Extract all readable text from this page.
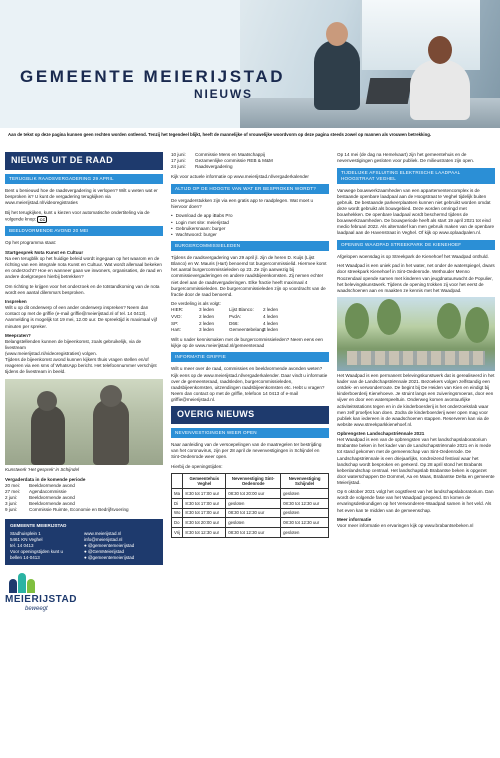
GEMEENTE MEIERIJSTAD
NIEUWS
Aan de tekst op deze pagina kunnen geen rechten worden ontleend. Tenzij het tegendeel blijkt, heeft de mannelijke of vrouwelijke woordvorm op deze pagina steeds zowel op mannen als vrouwen betrekking.
NIEUWS UIT DE RAAD
TERUGBLIK RAADSVERGADERING 29 APRIL

Bent u benieuwd hoe de raadsvergadering is verlopen? Wilt u weten wat er besproken is? U kunt de vergadering terugkijken via www.meierijstad.nl/videoregistraties

Bij het terugkijken, kunt u kiezen voor automatische ondertiteling via de volgende knop: CC

BEELDVORMENDE AVOND 20 MEI

Op het programma staat:

Startgesprek Nota Kunst en Cultuur

Na een terugblik op het huidige beleid wordt ingegaan op het waarom en de richting van een integrale nota Kunst en Cultuur. Wat wordt allemaal bekeken en onderzocht? Hoe en wanneer gaan we inwoners, organisaties, de raad en andere doelgroepen hierbij betrekken?

Om richting te krijgen voor het onderzoek en de totstandkoming van de nota wordt een aantal dilemma's besproken.

Inspreken

Wilt u op dit onderwerp of een ander onderwerp inspreken? Neem dan contact op met de griffie (e-mail griffie@meierijstad.nl of tel. 14 0413). Aanmelding is mogelijk tot 19 mei, 12.00 uur. De spreektijd is maximaal vijf minuten per spreker.

Meepraten?
Belangstellenden kunnen de bijeenkomst, zoals gebruikelijk, via de livestream
(www.meierijstad.nl/videoregistraties) volgen.

Tijdens de bijeenkomst avond kunnen kijkers thuis vragen stellen en/of reageren via een sms of WhatsApp bericht. Het telefoonnummer verschijnt tijdens de livestream in beeld.

Kunstwerk 'Het gesprek' in Schijndel
Vergaderdata in de komende periode
20 mei:	Beeldvormende avond
27 mei:	Agendacommissie
2 juni:	Beeldvormende avond
3 juni:	Beeldvormende avond
9 juni:	Commissie Ruimte, Economie en Bedrijfsvoering
GEMEENTE MEIERIJSTAD
Stadhuisplein 1
5461 KN Veghel
tel. 14 0413
Voor openingstijden kunt u
bellen 14-0413

www.meierijstad.nl
info@meierijstad.nl
● @gemeentemeierijstad
● @GemMeierijstad
● @gemeentemeierijstad
MEIERIJSTAD
beweegt
10 juni:	Commissie Mens en Maatschappij
17 juni:	Gezamenlijke commissie REB & M&M
24 juni:	Raadsvergadering

Kijk voor actuele informatie op www.meierijstad.nl/vergaderkalender

ALTIJD OP DE HOOGTE VAN WAT ER BESPROKEN WORDT?

De vergaderstukken zijn via een gratis app te raadplegen. Wat moet u hiervoor doen?

• Download de app iBabs Pro
• Login met site: meierijstad
• Gebruikersnaam: burger
• Wachtwoord: burger
BURGERCOMMISSIELEDEN

Tijdens de raadsvergadering van 29 april jl. zijn de heren D. Kuijs (Lijst Blanco) en W. Mauris (Hart) benoemd tot burgercommissielid. Hiermee komt het aantal burgercommissieleden op 23. Ze zijn aanwezig bij commissievergaderingen en andere raadsbijeenkomsten. Zij nemen echter niet deel aan de raadsvergaderingen. Elke fractie heeft maximaal 4 burgercommissieleden. De burgercommissieleden zijn op voordracht van de fractie door de raad benoemd.

De verdeling is als volgt:
HIER:	3 leden	Lijst Blanco:	2 leden
VVD:	2 leden	PvdA:	4 leden
SP:	2 leden	D66:	4 leden
Hart:	3 leden	Gemeentebelang:
3 leden

Wilt u nader kennismaken met de burgercommissieleden? Neem eens een kijkje op de www.meierijstad.nl/gemeenteraad

INFORMATIE GRIFFIE

Wilt u meer over de raad, commissies en beeldvormende avonden weten? Kijk eens op de www.meierijstad.nl/vergaderkalender. Daar vindt u informatie over de gemeenteraad, raadsleden, burgercommissieleden, raadsbijeenkomsten, uitzendingen raadsbijeenkomsten etc. Hebt u vragen? Neem dan contact op met de griffie, telefoon 14 0413 of e-mail griffie@meierijstad.nl.

OVERIG NIEUWS
NEVENVESTIGINGEN WEER OPEN

Naar aanleiding van de versoepelingen van de maatregelen ter bestrijding van het coronavirus, zijn per 28 april de nevenvestigingen in Schijndel en Sint-Oedenrode weer open.

Hierbij de openingstijden:
	Gemeentehuis Veghel	Nevenvestiging Sint-Oedenrode	Nevenvestiging Schijndel
Ma	8:30 tot 17:00 uur	08:30 tot 20:00 uur	gesloten
Di	8:30 tot 17:00 uur	gesloten	08:30 tot 12:30 uur
Wo	8:30 tot 17:00 uur	08:30 tot 12:30 uur	gesloten
Do	8:30 tot 20:00 uur	gesloten	08:30 tot 12:30 uur
Vrij	8:30 tot 12:30 uur	08:30 tot 12:30 uur	gesloten

Op 14 mei (de dag na Hemelvaart) zijn het gemeentehuis en de nevenvestigingen gesloten voor publiek. De milieustraten zijn open.

TIJDELIJKE AFSLUITING ELEKTRISCHE LAADPAAL HOOGSTRAAT VEGHEL

Vanwege bouwwerkzaamheden van een appartementencomplex is de bestaande openbare laadpaal aan de Hoogstraat te Veghel tijdelijk buiten gebruik. De bestaande parkeerplaatsen kunnen niet gebruikt worden omdat deze wordt gebruikt als bouwgebied. Deze worden omringd met bouwhekken. De openbare laadpaal wordt beschermd tijdens de bouwwerkzaamheden. De bouwperiode heeft als start 19 april 2021 tot eind medio februari 2022. Als alternatief kan men gebruik maken van de openbare laadpaal aan de Havenstraat in Veghel. Of kijk op www.oplaadpalen.nl.

OPENING WAADPAD STREEKPARK DE KIENEHOEF

Afgelopen woensdag is op Streekpark de Kienehoef het Waadpad onthuld.

Het Waadpad is een uniek pad in het water, net onder de waterspiegel, dwars door streekpark Kienehoef in Sint-Oedenrode. Wethouder Menno Roozendaal opende samen met kinderen van jeugdnatuurwacht de Populier, het belevingskunstwerk. Tijdens de opening trokken zij voor het eerst de waadschoenen aan en maakten ze kennis met het Waadpad.

Het Waadpad is een permanent belevingskunstwerk dat is gerealiseerd in het kader van de Landschapstriënnale 2021. Bezoekers volgen zelfstandig een ontdek- en verwonderroute. De begint bij De Heiden van Kien en eindigt bij kinderboerderij Kienehoeve. Je struint langs een zuiveringsmoeras, door een vijver en door een waterspeeltuin. Onderweg komen avontuurlijke activiteitsstations tegen en in de kinderboerderij is het onderzoekslab waar men zelf proefjes kan doen. Zodra de kinderboerderij weer open mag voor publiek kan iedereen in de waadschoenen stappen. Reserveren kan via de website www.streekparkkienehoef.nl.

Opbrengsten Landschapstriënnale 2021

Het Waadpad is een van de opbrengsten van het landschapslaboratorium Brabantse beken in het kader van de Landschapstriënnale 2021 en is mede tot stand gekomen met de gemeenschap van Sint-Oedenrode. De Landschapstriënnale is een driejaarlijks, rondreizend festival waar het landschap wordt besproken en geëxerd. Op 28 april stond het Brabants kebenlandschap centraal. Het landschapslab Brabantse beken is opgezet door waterschappen De Dommel, Aa en Maas, Brabantse Delta en gemeente Meierijstad.

Op 6 oktober 2021 volgt het oogstfeest van het landschapslaboratorium. Dan wordt de volgende fase van het Waadpad geopend. En komen de ervaringsdeskundigen op het Verwonderen-Waadpad samen in het veld. Als het even kan te midden van de gemeenschap.

Meer informatie

Voor meer informatie en ervaringen kijk op www.brabantsebeken.nl
